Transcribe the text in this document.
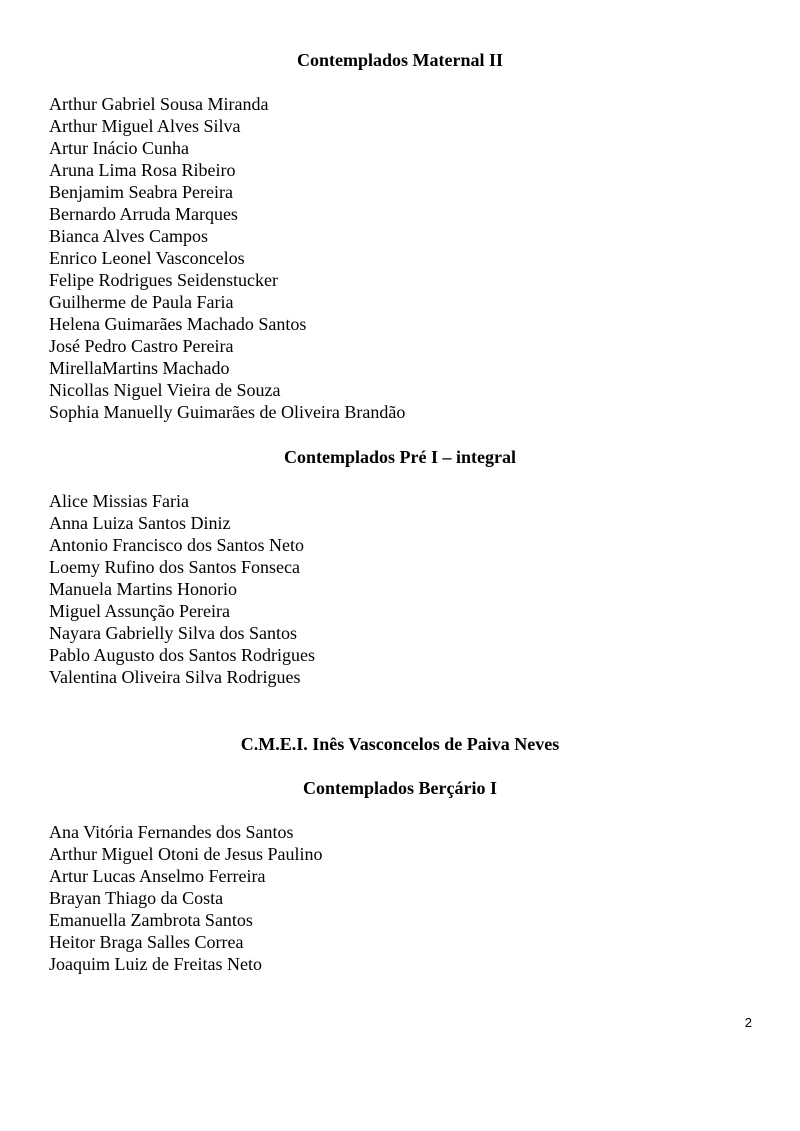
Contemplados Maternal II
Arthur Gabriel Sousa Miranda
Arthur Miguel Alves Silva
Artur Inácio Cunha
Aruna Lima Rosa Ribeiro
Benjamim Seabra Pereira
Bernardo Arruda Marques
Bianca Alves Campos
Enrico Leonel Vasconcelos
Felipe Rodrigues Seidenstucker
Guilherme de Paula Faria
Helena Guimarães Machado Santos
José Pedro Castro Pereira
MirellaMartins Machado
Nicollas Niguel Vieira de Souza
Sophia Manuelly Guimarães de Oliveira Brandão
Contemplados Pré I – integral
Alice Missias Faria
Anna Luiza Santos Diniz
Antonio Francisco dos Santos Neto
Loemy Rufino dos Santos Fonseca
Manuela Martins Honorio
Miguel Assunção Pereira
Nayara Gabrielly Silva dos Santos
Pablo Augusto dos Santos Rodrigues
Valentina Oliveira Silva Rodrigues
C.M.E.I. Inês Vasconcelos de Paiva Neves
Contemplados Berçário I
Ana Vitória Fernandes dos Santos
Arthur Miguel Otoni de Jesus Paulino
Artur Lucas Anselmo Ferreira
Brayan Thiago da Costa
Emanuella Zambrota Santos
Heitor Braga Salles Correa
Joaquim Luiz de Freitas Neto
2
